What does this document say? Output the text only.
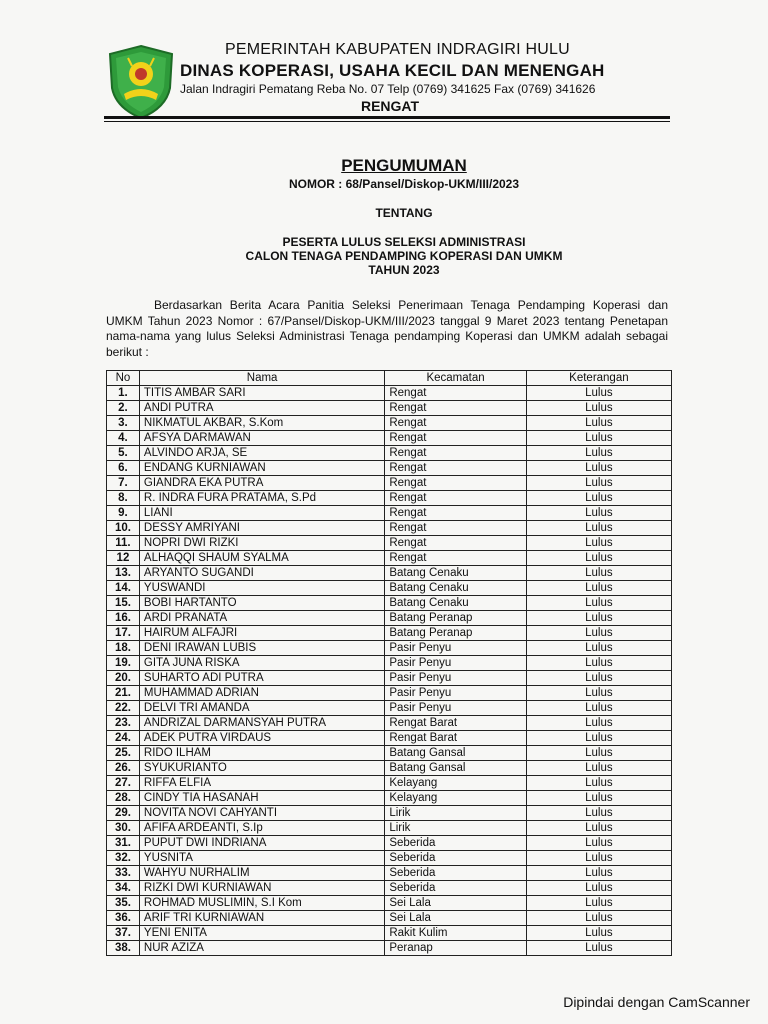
PEMERINTAH KABUPATEN INDRAGIRI HULU
DINAS KOPERASI, USAHA KECIL DAN MENENGAH
Jalan Indragiri Pematang Reba No. 07 Telp (0769) 341625 Fax (0769) 341626
RENGAT
PENGUMUMAN
NOMOR : 68/Pansel/Diskop-UKM/III/2023
TENTANG
PESERTA LULUS SELEKSI ADMINISTRASI
CALON TENAGA PENDAMPING KOPERASI DAN UMKM
TAHUN 2023
Berdasarkan Berita Acara Panitia Seleksi Penerimaan Tenaga Pendamping Koperasi dan UMKM Tahun 2023 Nomor : 67/Pansel/Diskop-UKM/III/2023 tanggal 9 Maret 2023 tentang Penetapan nama-nama yang lulus Seleksi Administrasi Tenaga pendamping Koperasi dan UMKM adalah sebagai berikut :
No	Nama	Kecamatan	Keterangan
1.	TITIS AMBAR SARI	Rengat	Lulus
2.	ANDI PUTRA	Rengat	Lulus
3.	NIKMATUL AKBAR, S.Kom	Rengat	Lulus
4.	AFSYA DARMAWAN	Rengat	Lulus
5.	ALVINDO ARJA, SE	Rengat	Lulus
6.	ENDANG KURNIAWAN	Rengat	Lulus
7.	GIANDRA EKA PUTRA	Rengat	Lulus
8.	R. INDRA FURA PRATAMA, S.Pd	Rengat	Lulus
9.	LIANI	Rengat	Lulus
10.	DESSY AMRIYANI	Rengat	Lulus
11.	NOPRI DWI RIZKI	Rengat	Lulus
12	ALHAQQI SHAUM SYALMA	Rengat	Lulus
13.	ARYANTO SUGANDI	Batang Cenaku	Lulus
14.	YUSWANDI	Batang Cenaku	Lulus
15.	BOBI HARTANTO	Batang Cenaku	Lulus
16.	ARDI PRANATA	Batang Peranap	Lulus
17.	HAIRUM ALFAJRI	Batang Peranap	Lulus
18.	DENI IRAWAN LUBIS	Pasir Penyu	Lulus
19.	GITA JUNA RISKA	Pasir Penyu	Lulus
20.	SUHARTO ADI PUTRA	Pasir Penyu	Lulus
21.	MUHAMMAD ADRIAN	Pasir Penyu	Lulus
22.	DELVI TRI AMANDA	Pasir Penyu	Lulus
23.	ANDRIZAL DARMANSYAH PUTRA	Rengat Barat	Lulus
24.	ADEK PUTRA VIRDAUS	Rengat Barat	Lulus
25.	RIDO ILHAM	Batang Gansal	Lulus
26.	SYUKURIANTO	Batang Gansal	Lulus
27.	RIFFA ELFIA	Kelayang	Lulus
28.	CINDY TIA HASANAH	Kelayang	Lulus
29.	NOVITA NOVI CAHYANTI	Lirik	Lulus
30.	AFIFA ARDEANTI, S.Ip	Lirik	Lulus
31.	PUPUT DWI INDRIANA	Seberida	Lulus
32.	YUSNITA	Seberida	Lulus
33.	WAHYU NURHALIM	Seberida	Lulus
34.	RIZKI DWI KURNIAWAN	Seberida	Lulus
35.	ROHMAD MUSLIMIN, S.I Kom	Sei Lala	Lulus
36.	ARIF TRI KURNIAWAN	Sei Lala	Lulus
37.	YENI ENITA	Rakit Kulim	Lulus
38.	NUR AZIZA	Peranap	Lulus
Dipindai dengan CamScanner
